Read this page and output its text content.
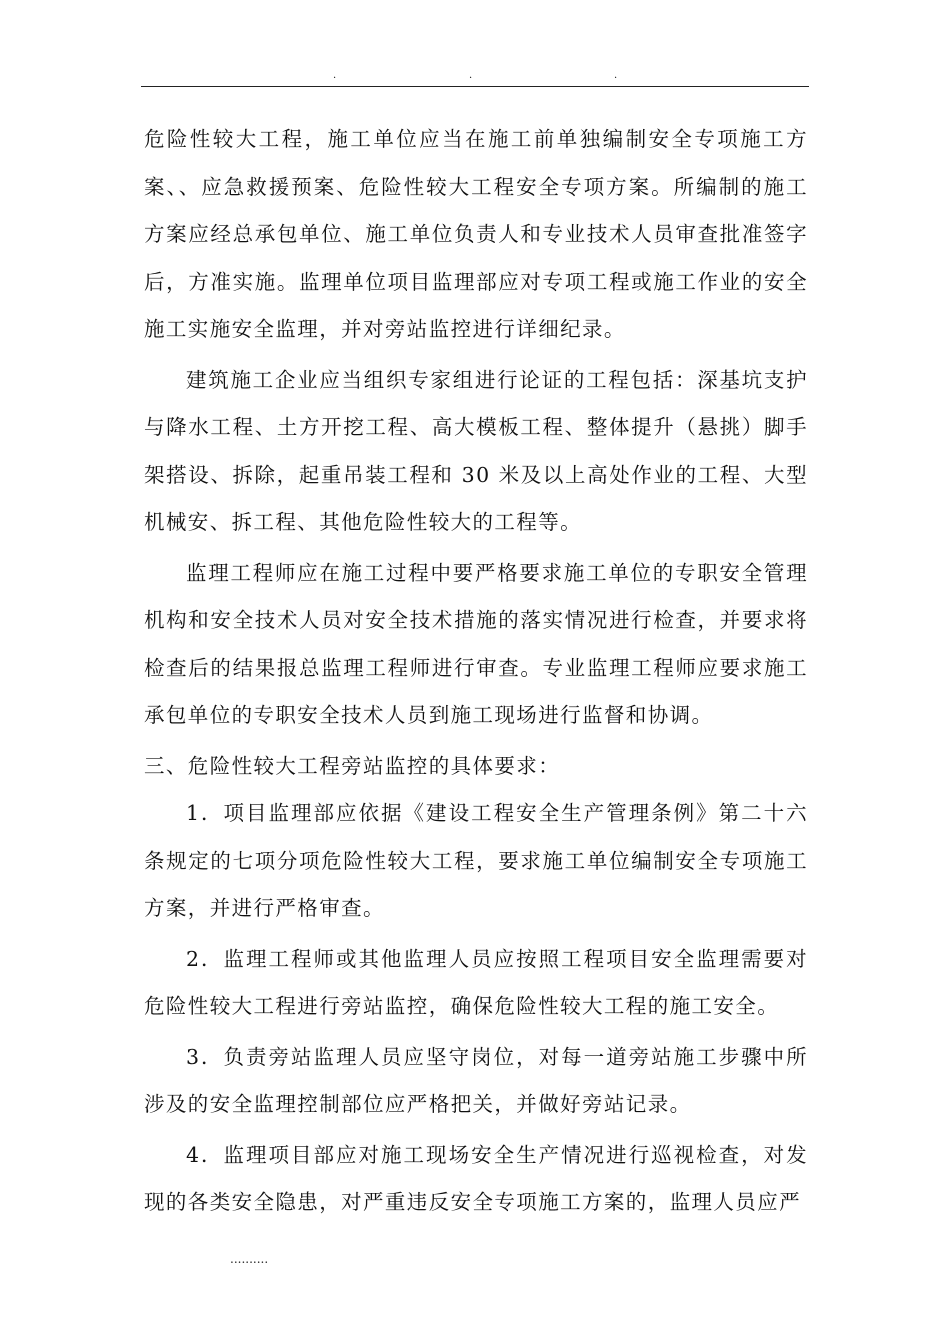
.	.	.

危险性较大工程，施工单位应当在施工前单独编制安全专项施工方案、、应急救援预案、危险性较大工程安全专项方案。所编制的施工方案应经总承包单位、施工单位负责人和专业技术人员审查批准签字后，方准实施。监理单位项目监理部应对专项工程或施工作业的安全施工实施安全监理，并对旁站监控进行详细纪录。

建筑施工企业应当组织专家组进行论证的工程包括：深基坑支护与降水工程、土方开挖工程、高大模板工程、整体提升（悬挑）脚手架搭设、拆除，起重吊装工程和 30 米及以上高处作业的工程、大型机械安、拆工程、其他危险性较大的工程等。

监理工程师应在施工过程中要严格要求施工单位的专职安全管理机构和安全技术人员对安全技术措施的落实情况进行检查，并要求将检查后的结果报总监理工程师进行审查。专业监理工程师应要求施工承包单位的专职安全技术人员到施工现场进行监督和协调。

三、危险性较大工程旁站监控的具体要求：

1．项目监理部应依据《建设工程安全生产管理条例》第二十六条规定的七项分项危险性较大工程，要求施工单位编制安全专项施工方案，并进行严格审查。

2．监理工程师或其他监理人员应按照工程项目安全监理需要对危险性较大工程进行旁站监控，确保危险性较大工程的施工安全。

3．负责旁站监理人员应坚守岗位，对每一道旁站施工步骤中所涉及的安全监理控制部位应严格把关，并做好旁站记录。

4．监理项目部应对施工现场安全生产情况进行巡视检查，对发现的各类安全隐患，对严重违反安全专项施工方案的，监理人员应严

..........
